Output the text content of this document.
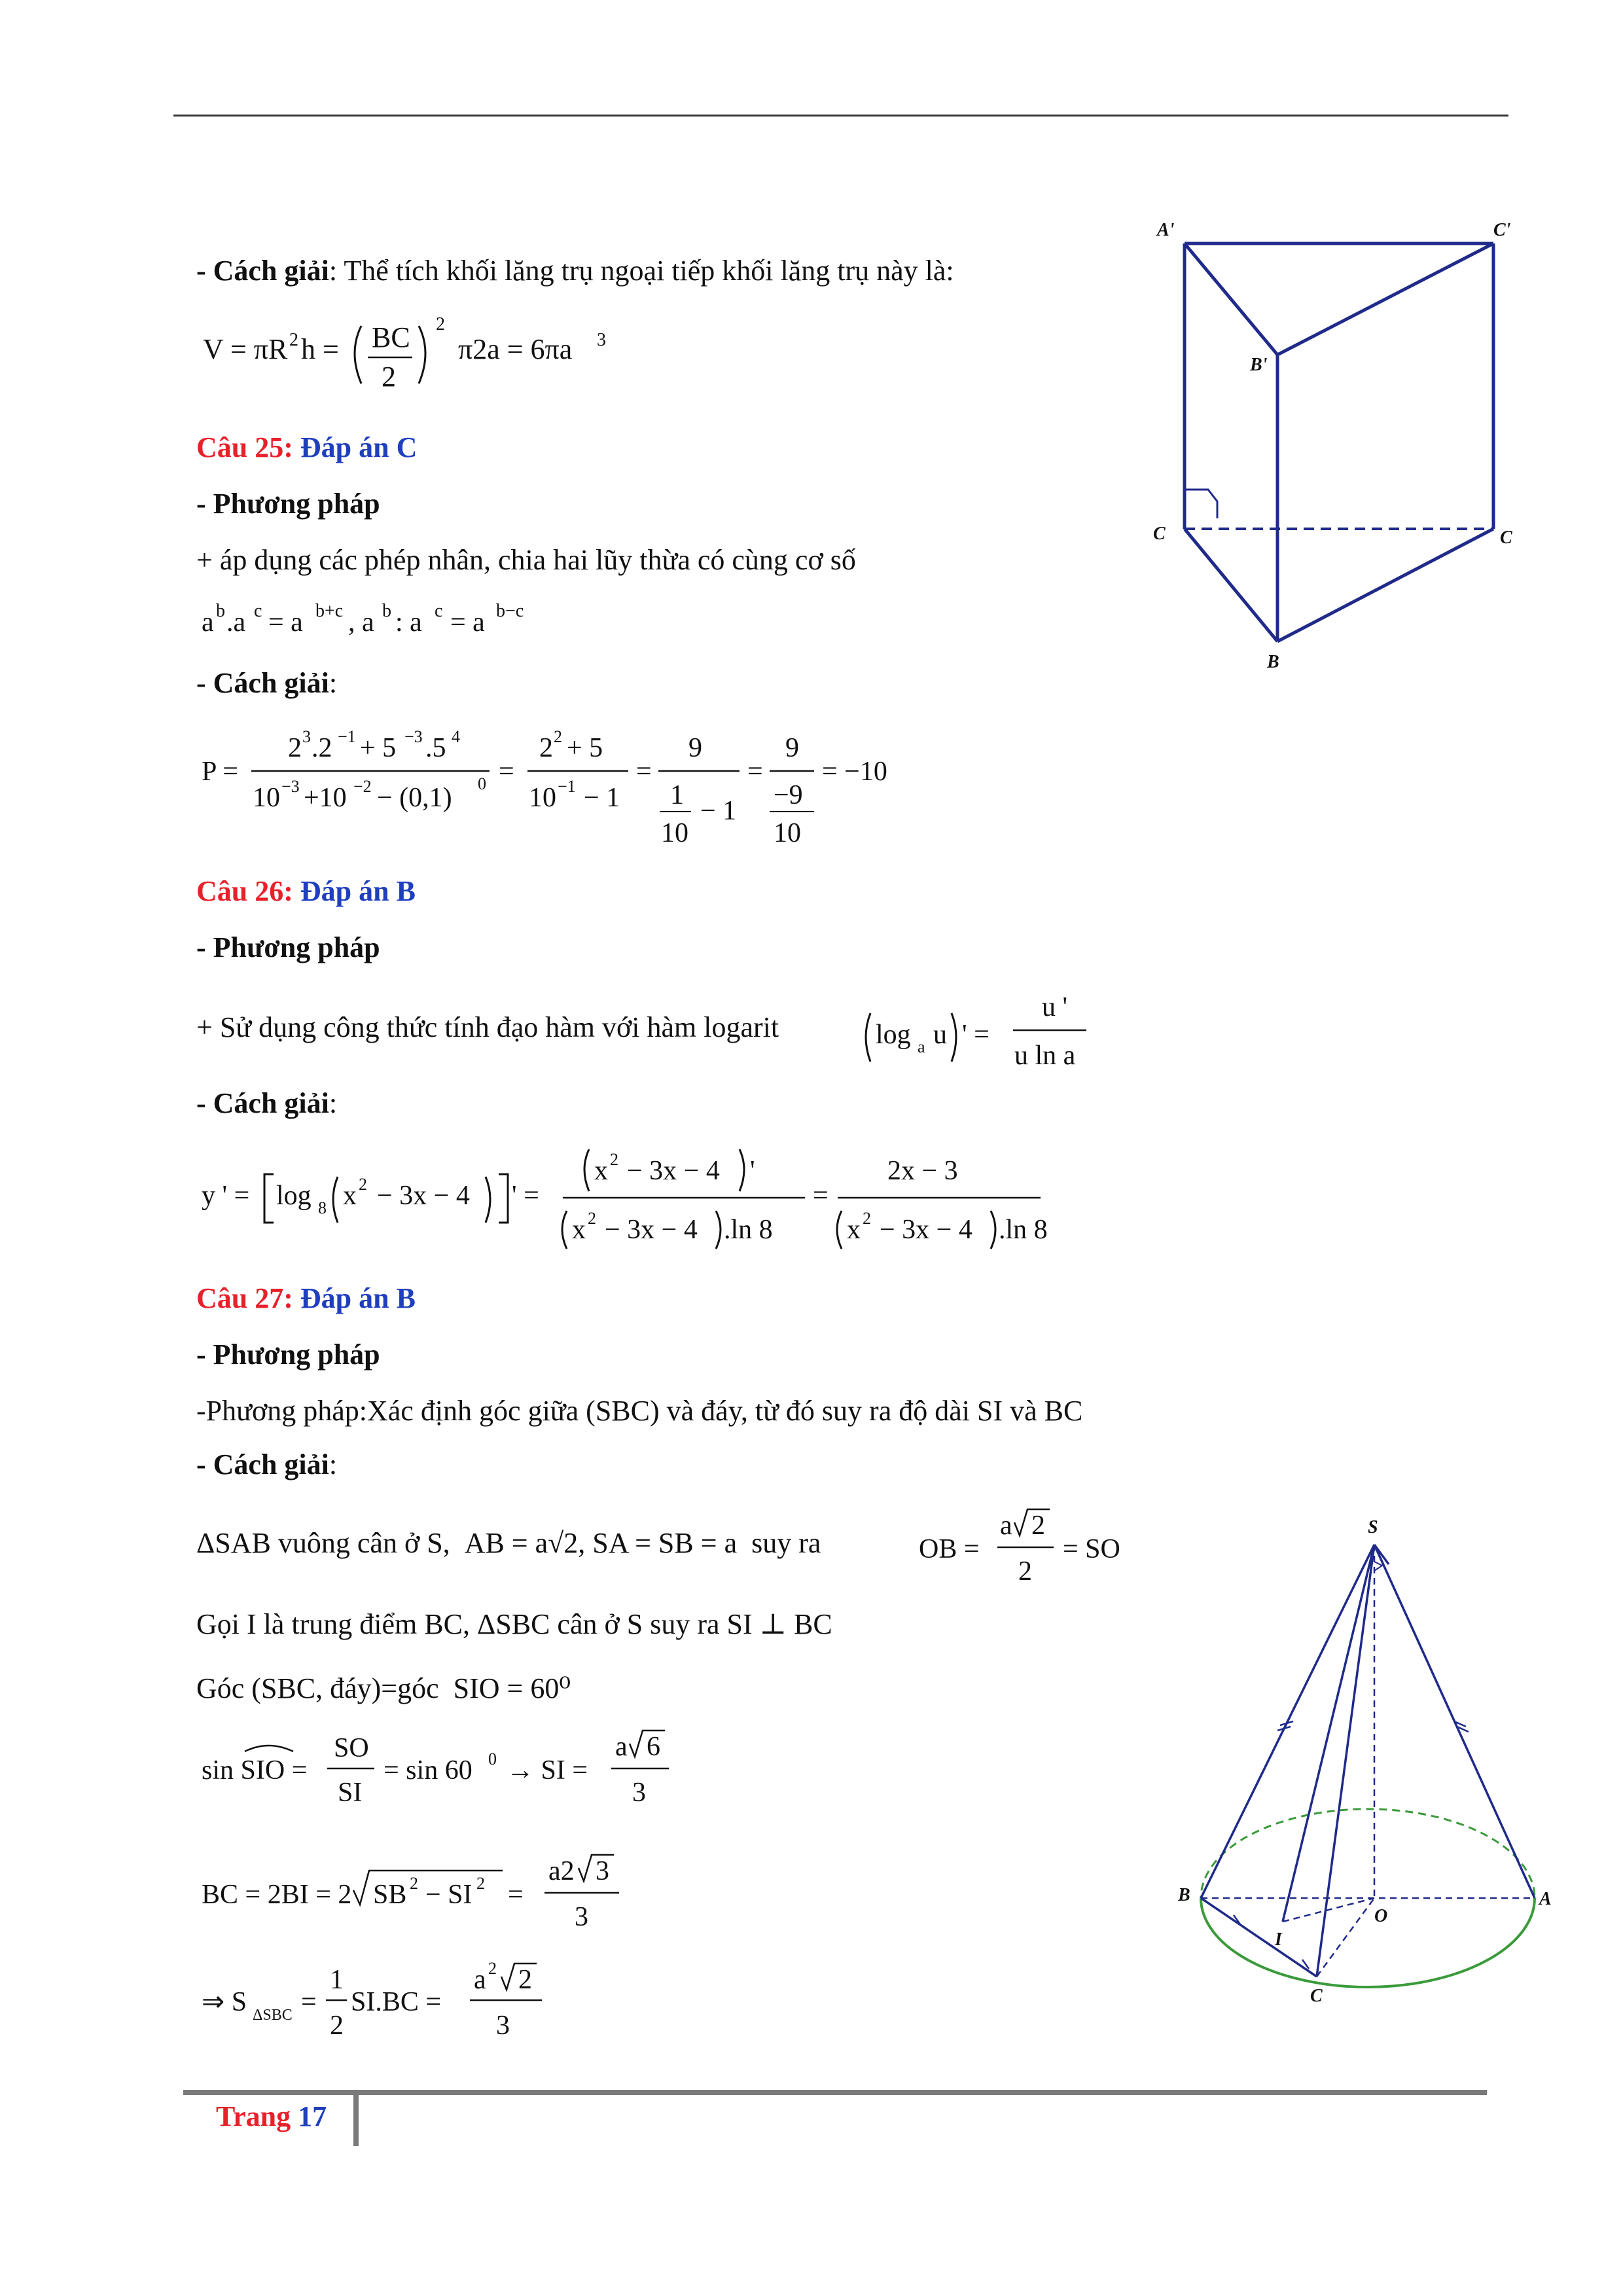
- Cách giải: Thể tích khối lăng trụ ngoại tiếp khối lăng trụ này là:
V = πR 2 h = BC
2
2
π2a = 6πa 3
Câu 25: Đáp án C
- Phương pháp
+ áp dụng các phép nhân, chia hai lũy thừa có cùng cơ số
a b .a c = a b+c , a b : a c = a b−c
- Cách giải:
P =
2 3 .2 −1 + 5 −3 .5 4
10 −3 +10 −2 − (0,1) 0 =
2 2 + 5
10 −1 − 1
=
9
1
10
− 1
=
9
−9
10
= −10
Câu 26: Đáp án B
- Phương pháp
+ Sử dụng công thức tính đạo hàm với hàm logarit	log a u ' =
u '
u ln a
- Cách giải:
y ' = log 8 x 2 − 3x − 4 ' =
x 2 − 3x − 4 '
x 2 − 3x − 4 .ln 8
=
2x − 3
x 2 − 3x − 4 .ln 8
Câu 27: Đáp án B
- Phương pháp
-Phương pháp:Xác định góc giữa (SBC) và đáy, từ đó suy ra độ dài SI và BC
- Cách giải:
ΔSAB vuông cân ở S, AB = a√2, SA = SB = a suy ra	OB =
a 2
2
= SO
Gọi I là trung điểm BC, ΔSBC cân ở S suy ra SI ⊥ BC
Góc (SBC, đáy)=góc SIO = 60⁰
sin SIO =
SO
SI
= sin 60 0 → SI =
a 6
3
BC = 2BI = 2 SB 2 − SI 2 =
a2 3
3
⇒ S ΔSBC =
1
2
SI.BC =
a 2 2
3
A'	C'
B'
C	C
B
S
B
I
O
A
C
Trang 17
